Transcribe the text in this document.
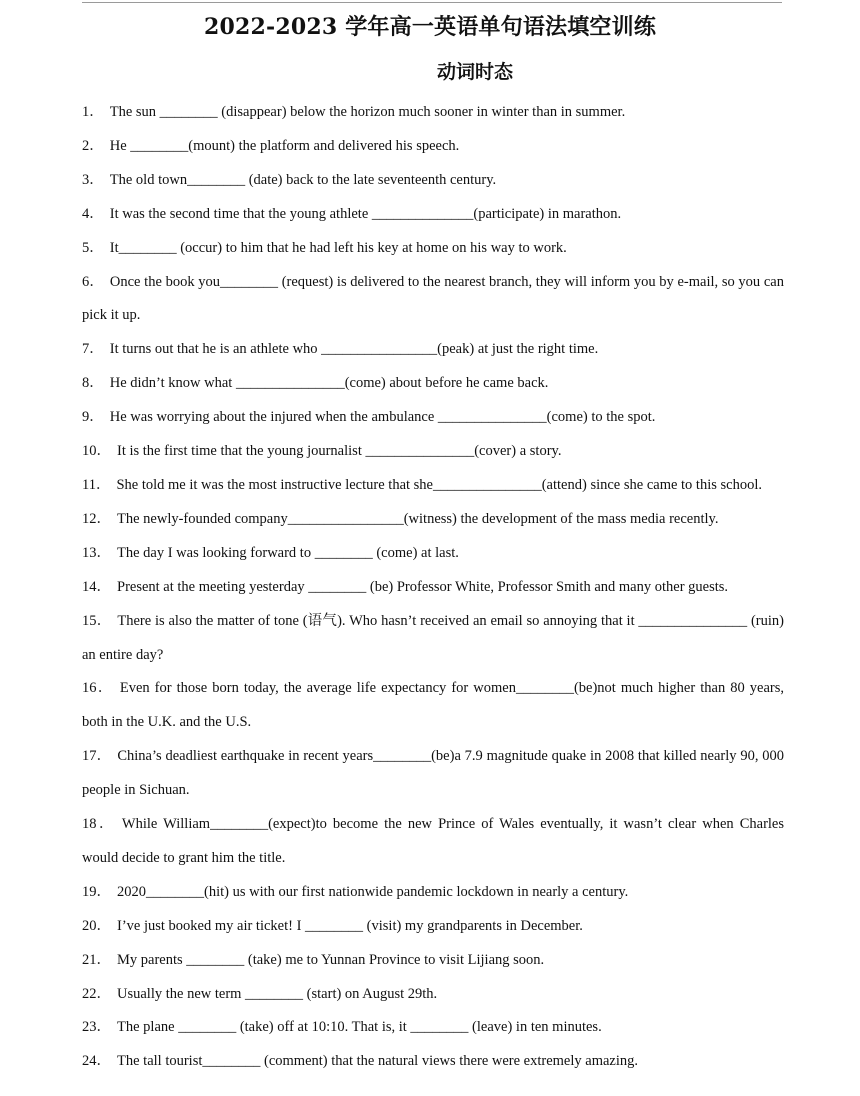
2022-2023 学年高一英语单句语法填空训练
动词时态

1． The sun ________ (disappear) below the horizon much sooner in winter than in summer.

2． He ________(mount) the platform and delivered his speech.

3． The old town________ (date) back to the late seventeenth century.

4． It was the second time that the young athlete ______________(participate) in marathon.

5． It________ (occur) to him that he had left his key at home on his way to work.

6． Once the book you________ (request) is delivered to the nearest branch, they will inform you by e-mail, so you can pick it up.

7． It turns out that he is an athlete who ________________(peak) at just the right time.

8． He didn’t know what _______________(come) about before he came back.

9． He was worrying about the injured when the ambulance _______________(come) to the spot.

10． It is the first time that the young journalist _______________(cover) a story.

11． She told me it was the most instructive lecture that she_______________(attend) since she came to this school.

12． The newly-founded company________________(witness) the development of the mass media recently.

13． The day I was looking forward to ________ (come) at last.

14． Present at the meeting yesterday ________ (be) Professor White, Professor Smith and many other guests.

15． There is also the matter of tone (语气). Who hasn’t received an email so annoying that it _______________ (ruin) an entire day?

16． Even for those born today, the average life expectancy for women________(be)not much higher than 80 years, both in the U.K. and the U.S.

17． China’s deadliest earthquake in recent years________(be)a 7.9 magnitude quake in 2008 that killed nearly 90, 000 people in Sichuan.

18． While William________(expect)to become the new Prince of Wales eventually, it wasn’t clear when Charles would decide to grant him the title.

19． 2020________(hit) us with our first nationwide pandemic lockdown in nearly a century.

20． I’ve just booked my air ticket! I ________ (visit) my grandparents in December.

21． My parents ________ (take) me to Yunnan Province to visit Lijiang soon.

22． Usually the new term ________ (start) on August 29th.

23． The plane ________ (take) off at 10:10. That is, it ________ (leave) in ten minutes.

24． The tall tourist________ (comment) that the natural views there were extremely amazing.
